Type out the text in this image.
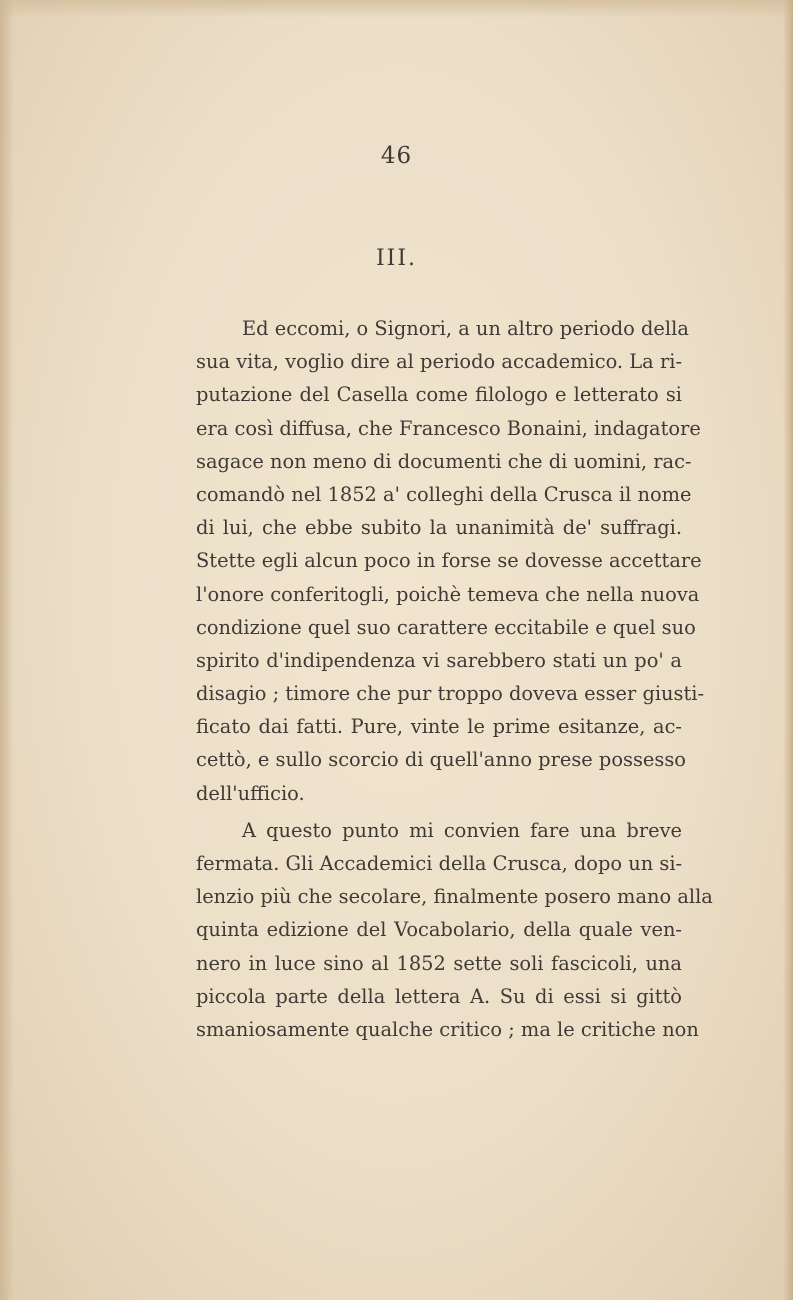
46
III.
Ed eccomi, o Signori, a un altro periodo della
sua vita, voglio dire al periodo accademico. La ri-
putazione del Casella come filologo e letterato si
era così diffusa, che Francesco Bonaini, indagatore
sagace non meno di documenti che di uomini, rac-
comandò nel 1852 a' colleghi della Crusca il nome
di lui, che ebbe subito la unanimità de' suffragi.
Stette egli alcun poco in forse se dovesse accettare
l'onore conferitogli, poichè temeva che nella nuova
condizione quel suo carattere eccitabile e quel suo
spirito d'indipendenza vi sarebbero stati un po' a
disagio ; timore che pur troppo doveva esser giusti-
ficato dai fatti. Pure, vinte le prime esitanze, ac-
cettò, e sullo scorcio di quell'anno prese possesso
dell'ufficio.
A questo punto mi convien fare una breve
fermata. Gli Accademici della Crusca, dopo un si-
lenzio più che secolare, finalmente posero mano alla
quinta edizione del Vocabolario, della quale ven-
nero in luce sino al 1852 sette soli fascicoli, una
piccola parte della lettera A. Su di essi si gittò
smaniosamente qualche critico ; ma le critiche non
